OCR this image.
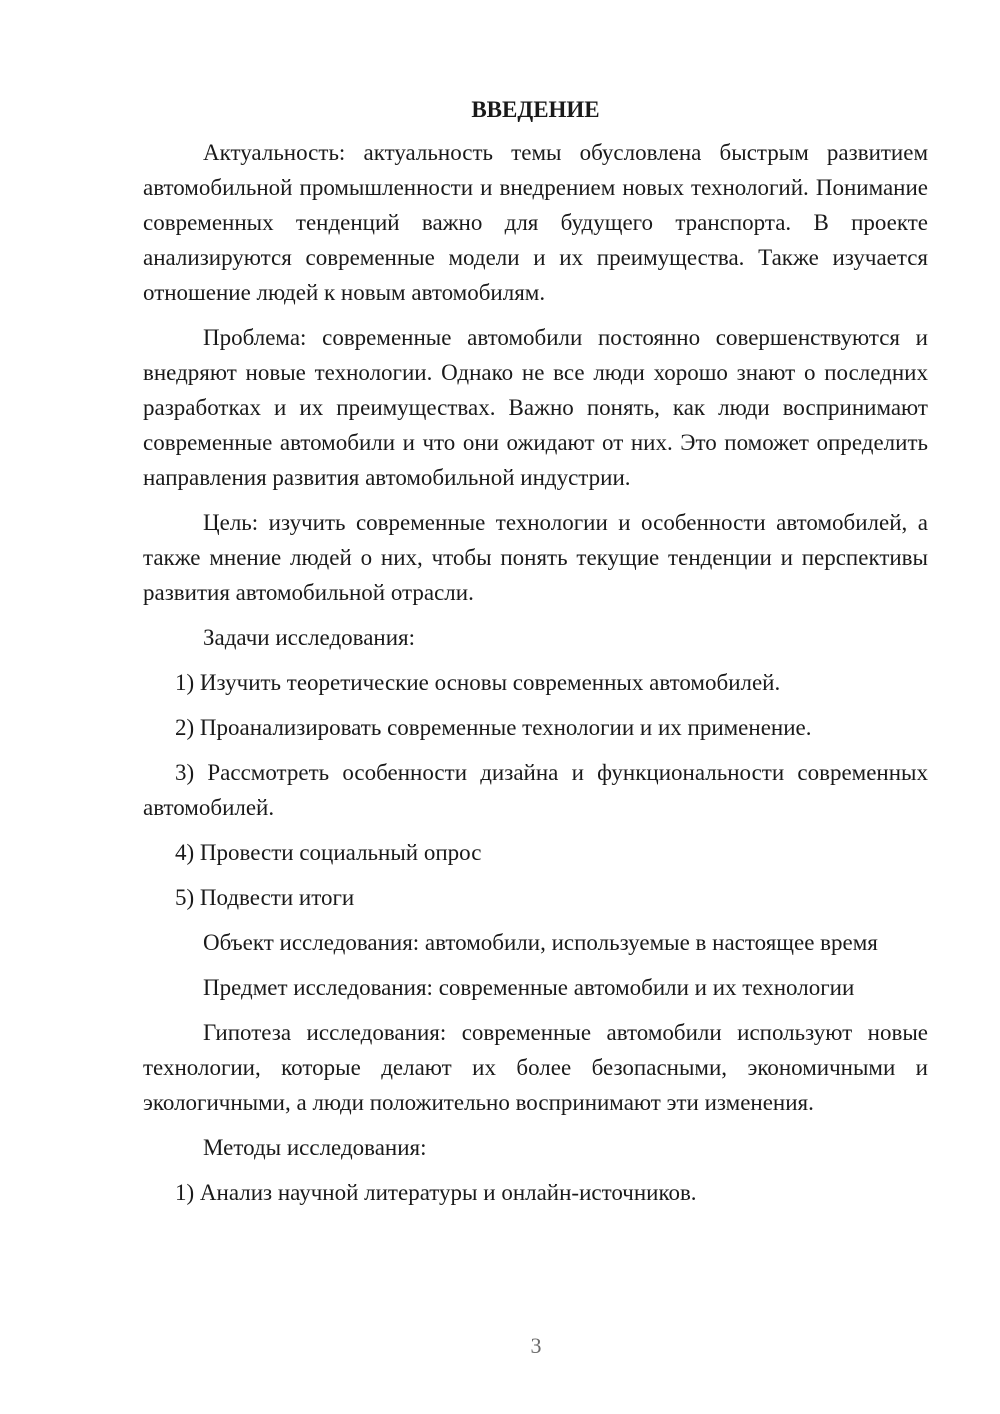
ВВЕДЕНИЕ

Актуальность: актуальность темы обусловлена быстрым развитием автомобильной промышленности и внедрением новых технологий. Понимание современных тенденций важно для будущего транспорта. В проекте анализируются современные модели и их преимущества. Также изучается отношение людей к новым автомобилям.

Проблема: современные автомобили постоянно совершенствуются и внедряют новые технологии. Однако не все люди хорошо знают о последних разработках и их преимуществах. Важно понять, как люди воспринимают современные автомобили и что они ожидают от них. Это поможет определить направления развития автомобильной индустрии.

Цель: изучить современные технологии и особенности автомобилей, а также мнение людей о них, чтобы понять текущие тенденции и перспективы развития автомобильной отрасли.

Задачи исследования:

1) Изучить теоретические основы современных автомобилей.

2) Проанализировать современные технологии и их применение.

3) Рассмотреть особенности дизайна и функциональности современных автомобилей.

4) Провести социальный опрос

5) Подвести итоги

Объект исследования: автомобили, используемые в настоящее время

Предмет исследования: современные автомобили и их технологии

Гипотеза исследования: современные автомобили используют новые технологии, которые делают их более безопасными, экономичными и экологичными, а люди положительно воспринимают эти изменения.

Методы исследования:

1) Анализ научной литературы и онлайн-источников.

3
